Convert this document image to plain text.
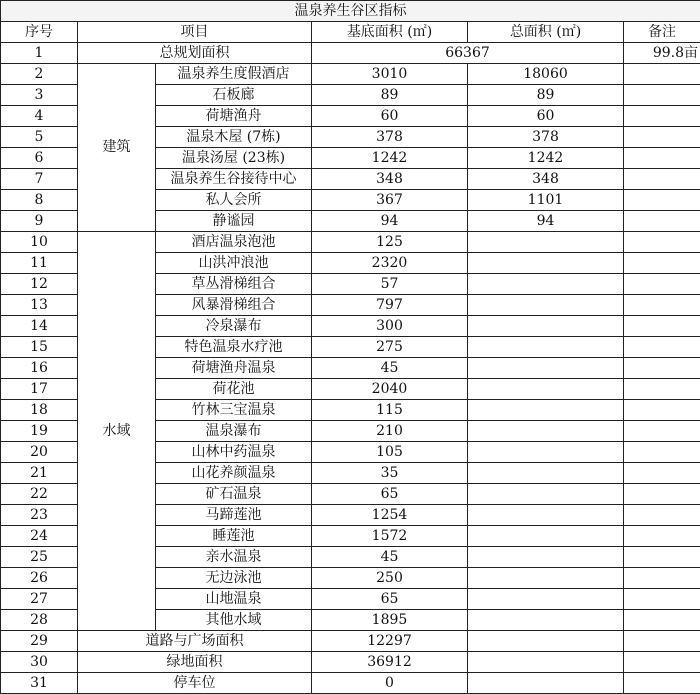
温泉养生谷区指标					
序号	项目		基底面积 (㎡)	总面积 (㎡)	备注
1	总规划面积		66367		99.8亩
2	建筑	温泉养生度假酒店	3010	18060	
3		石板廊	89	89	
4		荷塘渔舟	60	60	
5		温泉木屋 (7栋)	378	378	
6		温泉汤屋 (23栋)	1242	1242	
7		温泉养生谷接待中心	348	348	
8		私人会所	367	1101	
9		静谧园	94	94	
10	水域	酒店温泉泡池	125		
11		山洪冲浪池	2320		
12		草丛滑梯组合	57		
13		风暴滑梯组合	797		
14		冷泉瀑布	300		
15		特色温泉水疗池	275		
16		荷塘渔舟温泉	45		
17		荷花池	2040		
18		竹林三宝温泉	115		
19		温泉瀑布	210		
20		山林中药温泉	105		
21		山花养颜温泉	35		
22		矿石温泉	65		
23		马蹄莲池	1254		
24		睡莲池	1572		
25		亲水温泉	45		
26		无边泳池	250		
27		山地温泉	65		
28		其他水域	1895		
29	道路与广场面积		12297		
30	绿地面积		36912		
31	停车位		0		
